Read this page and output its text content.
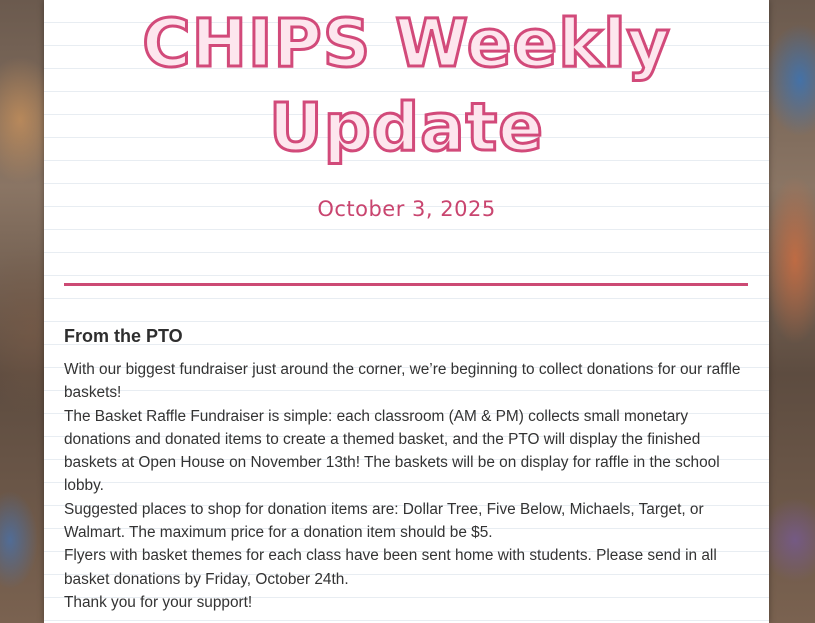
CHIPS Weekly
Update
October 3, 2025
From the PTO

With our biggest fundraiser just around the corner, we’re beginning to collect donations for our raffle baskets!

The Basket Raffle Fundraiser is simple: each classroom (AM & PM) collects small monetary donations and donated items to create a themed basket, and the PTO will display the finished baskets at Open House on November 13th! The baskets will be on display for raffle in the school lobby.

Suggested places to shop for donation items are: Dollar Tree, Five Below, Michaels, Target, or Walmart. The maximum price for a donation item should be $5.

Flyers with basket themes for each class have been sent home with students. Please send in all basket donations by Friday, October 24th.

Thank you for your support!
